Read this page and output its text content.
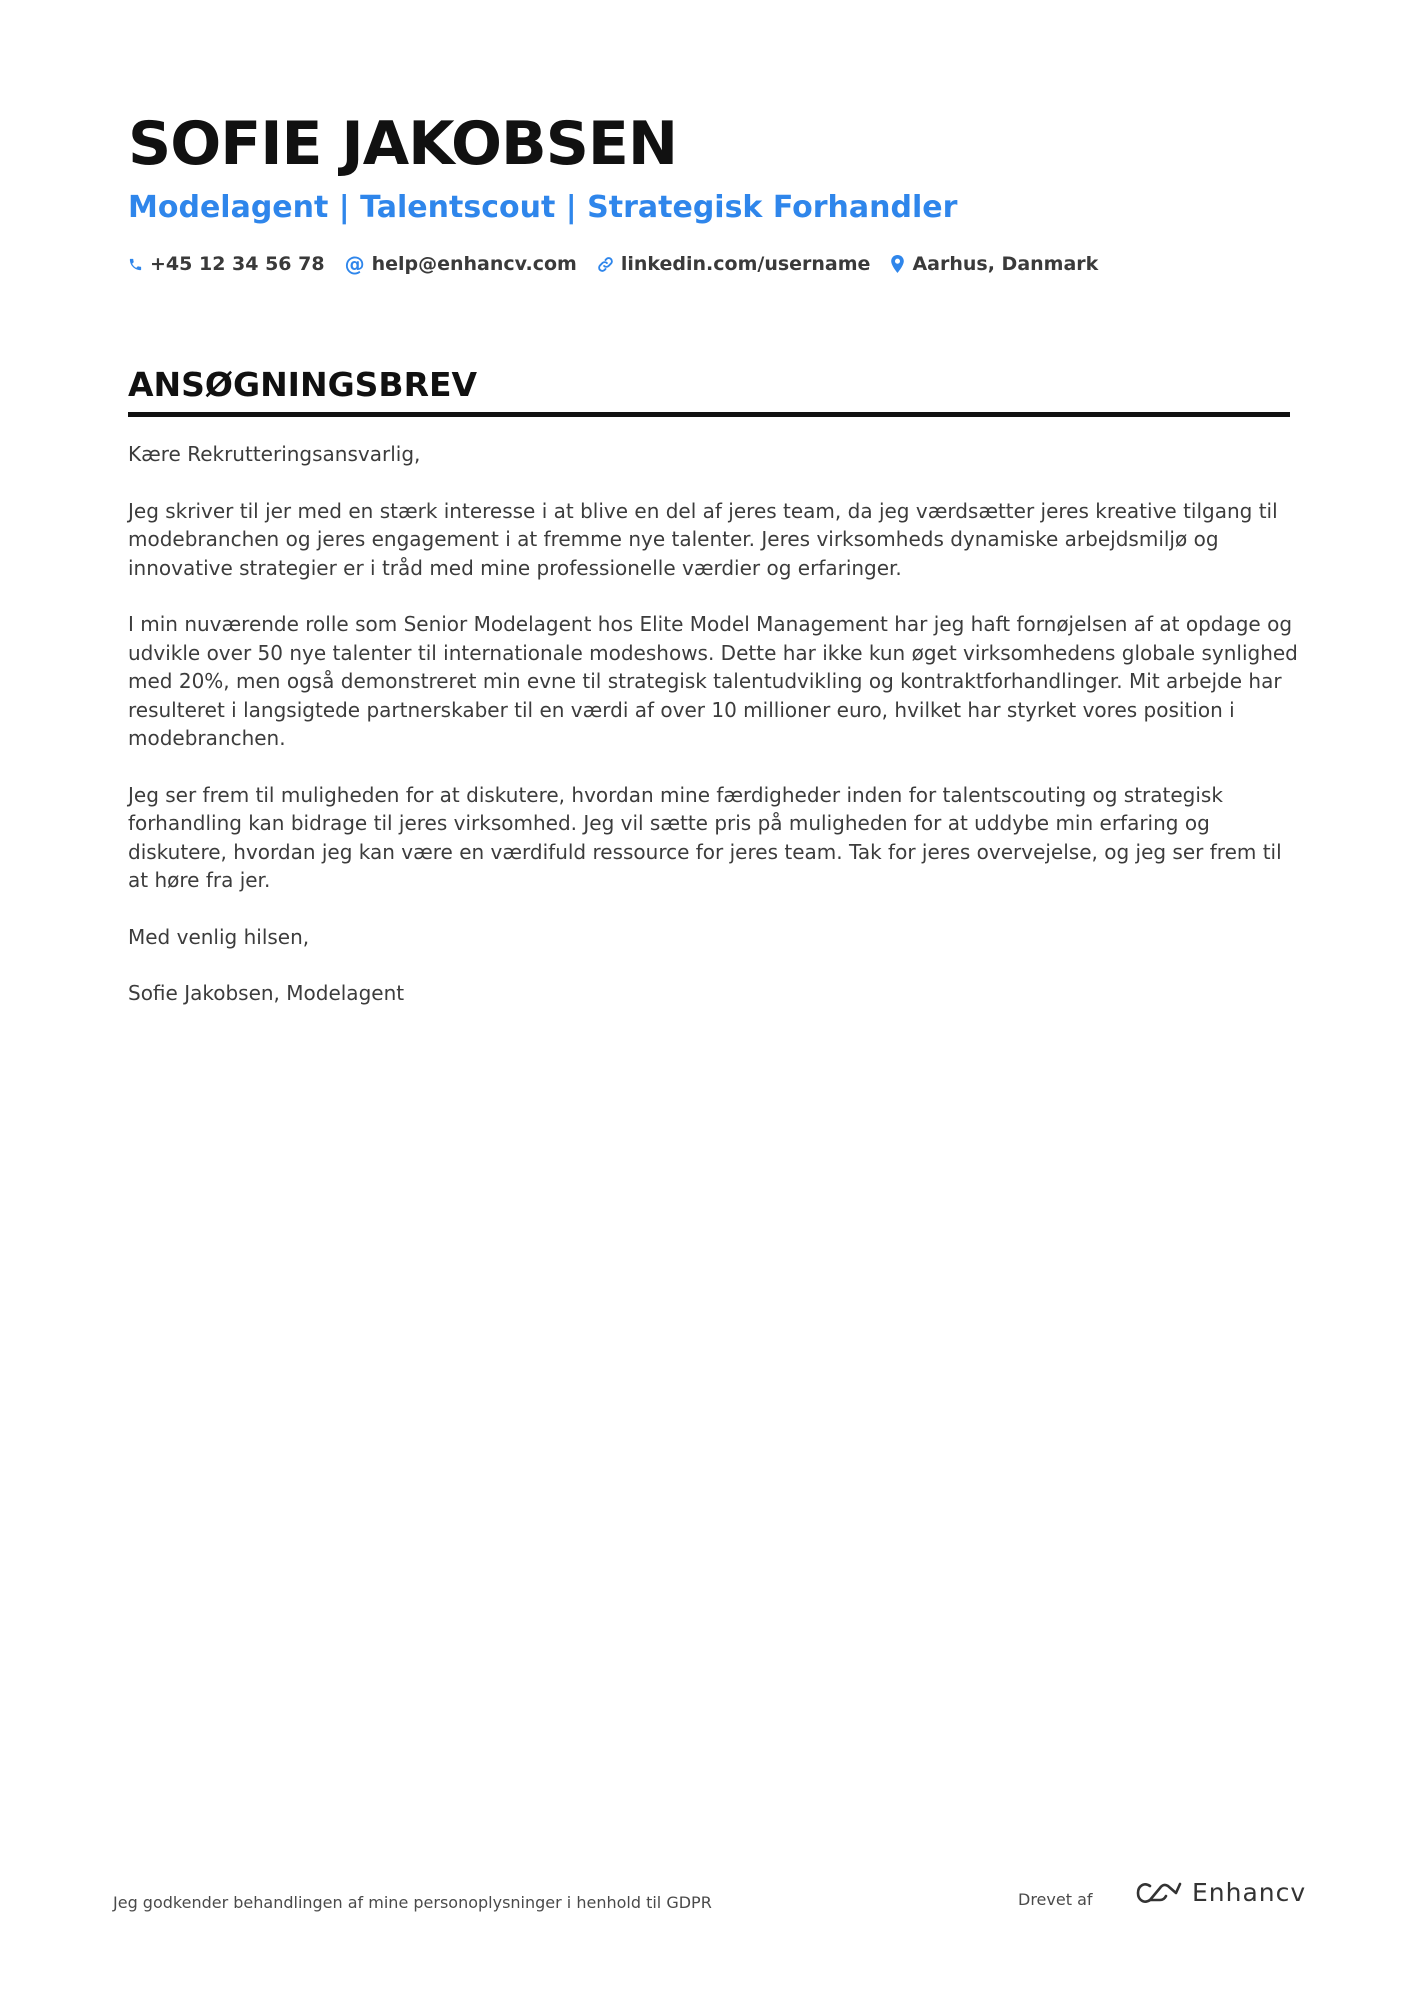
SOFIE JAKOBSEN
Modelagent | Talentscout | Strategisk Forhandler
+45 12 34 56 78 @ help@enhancv.com linkedin.com/username Aarhus, Danmark
ANSØGNINGSBREV

Kære Rekrutteringsansvarlig,

Jeg skriver til jer med en stærk interesse i at blive en del af jeres team, da jeg værdsætter jeres kreative tilgang til modebranchen og jeres engagement i at fremme nye talenter. Jeres virksomheds dynamiske arbejdsmiljø og innovative strategier er i tråd med mine professionelle værdier og erfaringer.

I min nuværende rolle som Senior Modelagent hos Elite Model Management har jeg haft fornøjelsen af at opdage og udvikle over 50 nye talenter til internationale modeshows. Dette har ikke kun øget virksomhedens globale synlighed med 20%, men også demonstreret min evne til strategisk talentudvikling og kontraktforhandlinger. Mit arbejde har resulteret i langsigtede partnerskaber til en værdi af over 10 millioner euro, hvilket har styrket vores position i modebranchen.

Jeg ser frem til muligheden for at diskutere, hvordan mine færdigheder inden for talentscouting og strategisk forhandling kan bidrage til jeres virksomhed. Jeg vil sætte pris på muligheden for at uddybe min erfaring og diskutere, hvordan jeg kan være en værdifuld ressource for jeres team. Tak for jeres overvejelse, og jeg ser frem til at høre fra jer.

Med venlig hilsen,

Sofie Jakobsen, Modelagent

Jeg godkender behandlingen af mine personoplysninger i henhold til GDPR	Drevet af	Enhancv
